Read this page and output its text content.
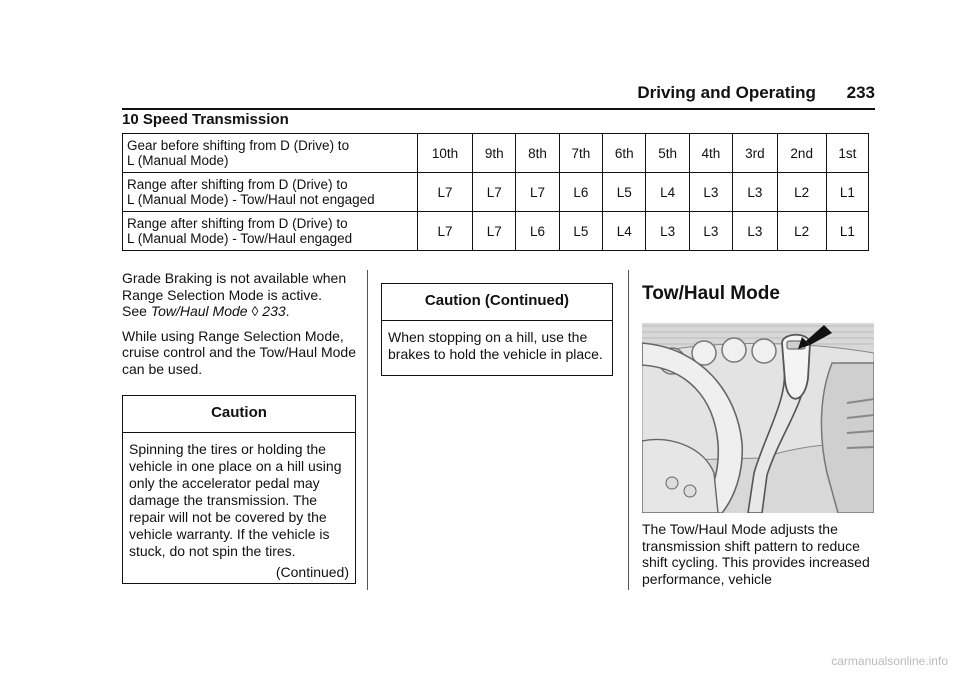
Driving and Operating 233
10 Speed Transmission
Gear before shifting from D (Drive) to
L (Manual Mode)	10th	9th	8th	7th	6th	5th	4th	3rd	2nd	1st
Range after shifting from D (Drive) to
L (Manual Mode) - Tow/Haul not engaged	L7	L7	L7	L6	L5	L4	L3	L3	L2	L1
Range after shifting from D (Drive) to
L (Manual Mode) - Tow/Haul engaged	L7	L7	L6	L5	L4	L3	L3	L3	L2	L1

Grade Braking is not available when Range Selection Mode is active.
See Tow/Haul Mode ◊ 233.

While using Range Selection Mode, cruise control and the Tow/Haul Mode can be used.

Caution
Spinning the tires or holding the vehicle in one place on a hill using only the accelerator pedal may damage the transmission. The repair will not be covered by the vehicle warranty. If the vehicle is stuck, do not spin the tires.
(Continued)
Caution (Continued)
When stopping on a hill, use the brakes to hold the vehicle in place.
Tow/Haul Mode

The Tow/Haul Mode adjusts the transmission shift pattern to reduce shift cycling. This provides increased performance, vehicle

carmanualsonline.info
